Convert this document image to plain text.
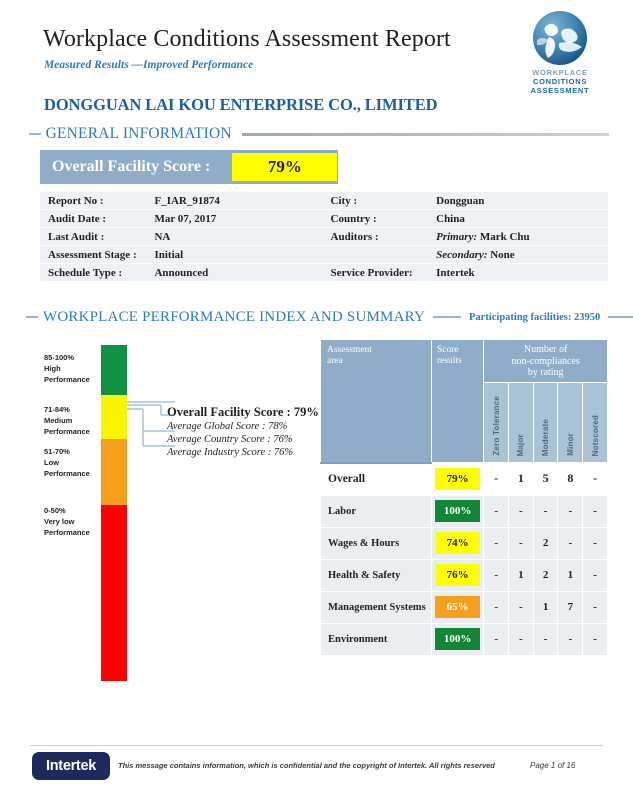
Workplace Conditions Assessment Report
Measured Results —Improved Performance
DONGGUAN LAI KOU ENTERPRISE CO., LIMITED
WORKPLACE
CONDITIONS
ASSESSMENT
GENERAL INFORMATION
Overall Facility Score :	79%
Report No :	F_IAR_91874	City :	Dongguan
Audit Date :	Mar 07, 2017	Country :	China
Last Audit :	NA	Auditors :	Primary: Mark Chu
Assessment Stage :	Initial		Secondary: None
Schedule Type :	Announced	Service Provider:	Intertek
WORKPLACE PERFORMANCE INDEX AND SUMMARY	Participating facilities: 23950
85-100%
High
Performance
71-84%
Medium
Performance
51-70%
Low
Performance
0-50%
Very low
Performance
Overall Facility Score : 79%
Average Global Score : 78%
Average Country Score : 76%
Average Industry Score : 76%
Assessment
area

Score
results

Number of
non-compliances
by rating

		Zero Tolerance	Major	Moderate	Minor	Notscored
Overall	79%	-	1	5	8	-
Labor	100%	-	-	-	-	-
Wages & Hours	74%	-	-	2	-	-
Health & Safety	76%	-	1	2	1	-
Management Systems	65%	-	-	1	7	-
Environment	100%	-	-	-	-	-
Intertek	This message contains information, which is confidential and the copyright of Intertek. All rights reserved	Page 1 of 16
